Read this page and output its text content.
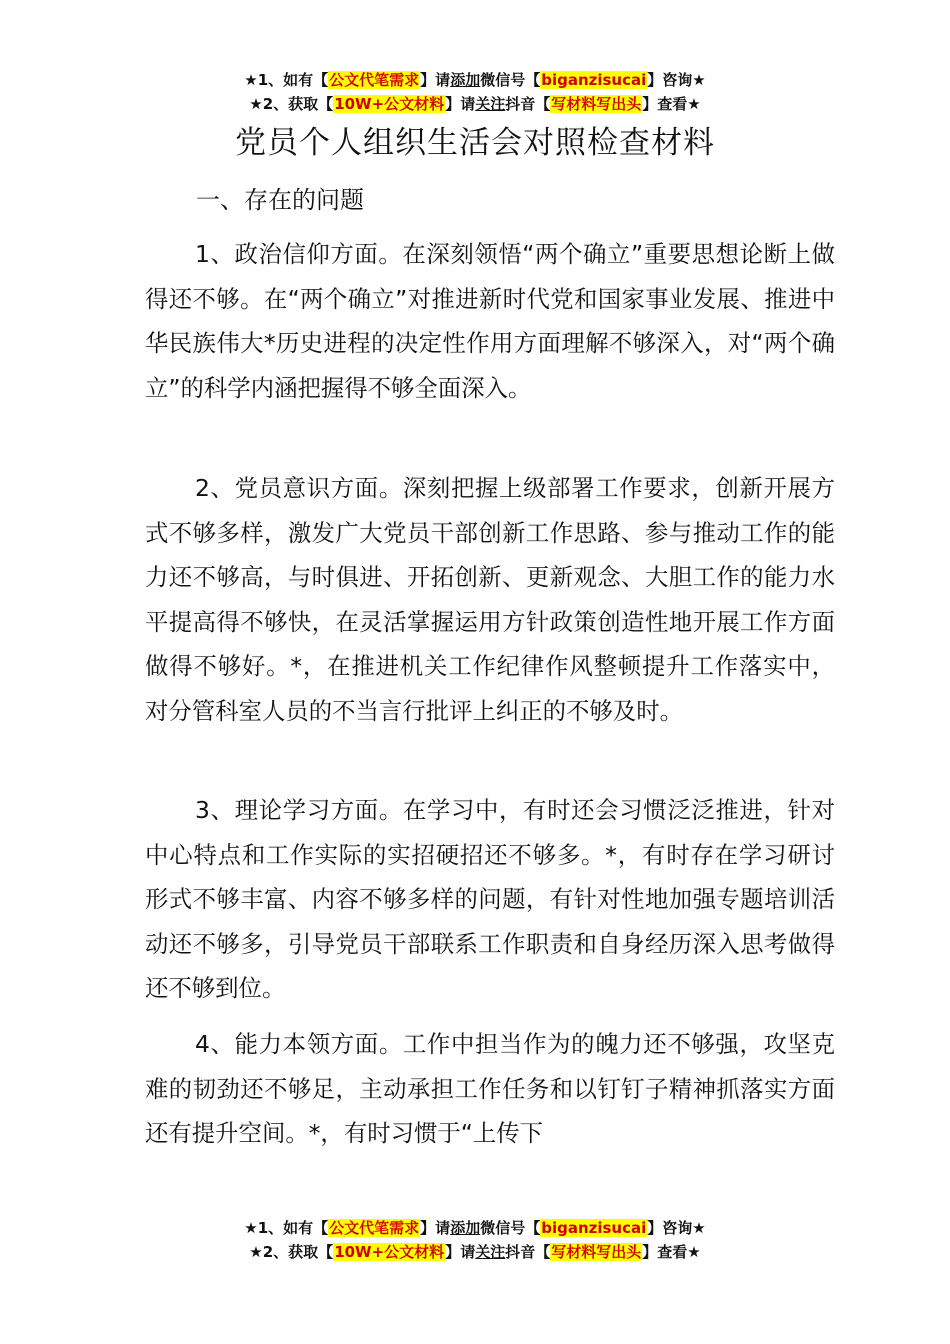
★1、如有【公文代笔需求】请添加微信号【biganzisucai】咨询★
★2、获取【10W+公文材料】请关注抖音【写材料写出头】查看★
党员个人组织生活会对照检查材料

一、存在的问题

1、政治信仰方面。在深刻领悟“两个确立”重要思想论断上做得还不够。在“两个确立”对推进新时代党和国家事业发展、推进中华民族伟大*历史进程的决定性作用方面理解不够深入，对“两个确立”的科学内涵把握得不够全面深入。

2、党员意识方面。深刻把握上级部署工作要求，创新开展方式不够多样，激发广大党员干部创新工作思路、参与推动工作的能力还不够高，与时俱进、开拓创新、更新观念、大胆工作的能力水平提高得不够快，在灵活掌握运用方针政策创造性地开展工作方面做得不够好。*，在推进机关工作纪律作风整顿提升工作落实中，对分管科室人员的不当言行批评上纠正的不够及时。

3、理论学习方面。在学习中，有时还会习惯泛泛推进，针对中心特点和工作实际的实招硬招还不够多。*，有时存在学习研讨形式不够丰富、内容不够多样的问题，有针对性地加强专题培训活动还不够多，引导党员干部联系工作职责和自身经历深入思考做得还不够到位。

4、能力本领方面。工作中担当作为的魄力还不够强，攻坚克难的韧劲还不够足，主动承担工作任务和以钉钉子精神抓落实方面还有提升空间。*，有时习惯于“上传下

★1、如有【公文代笔需求】请添加微信号【biganzisucai】咨询★
★2、获取【10W+公文材料】请关注抖音【写材料写出头】查看★
